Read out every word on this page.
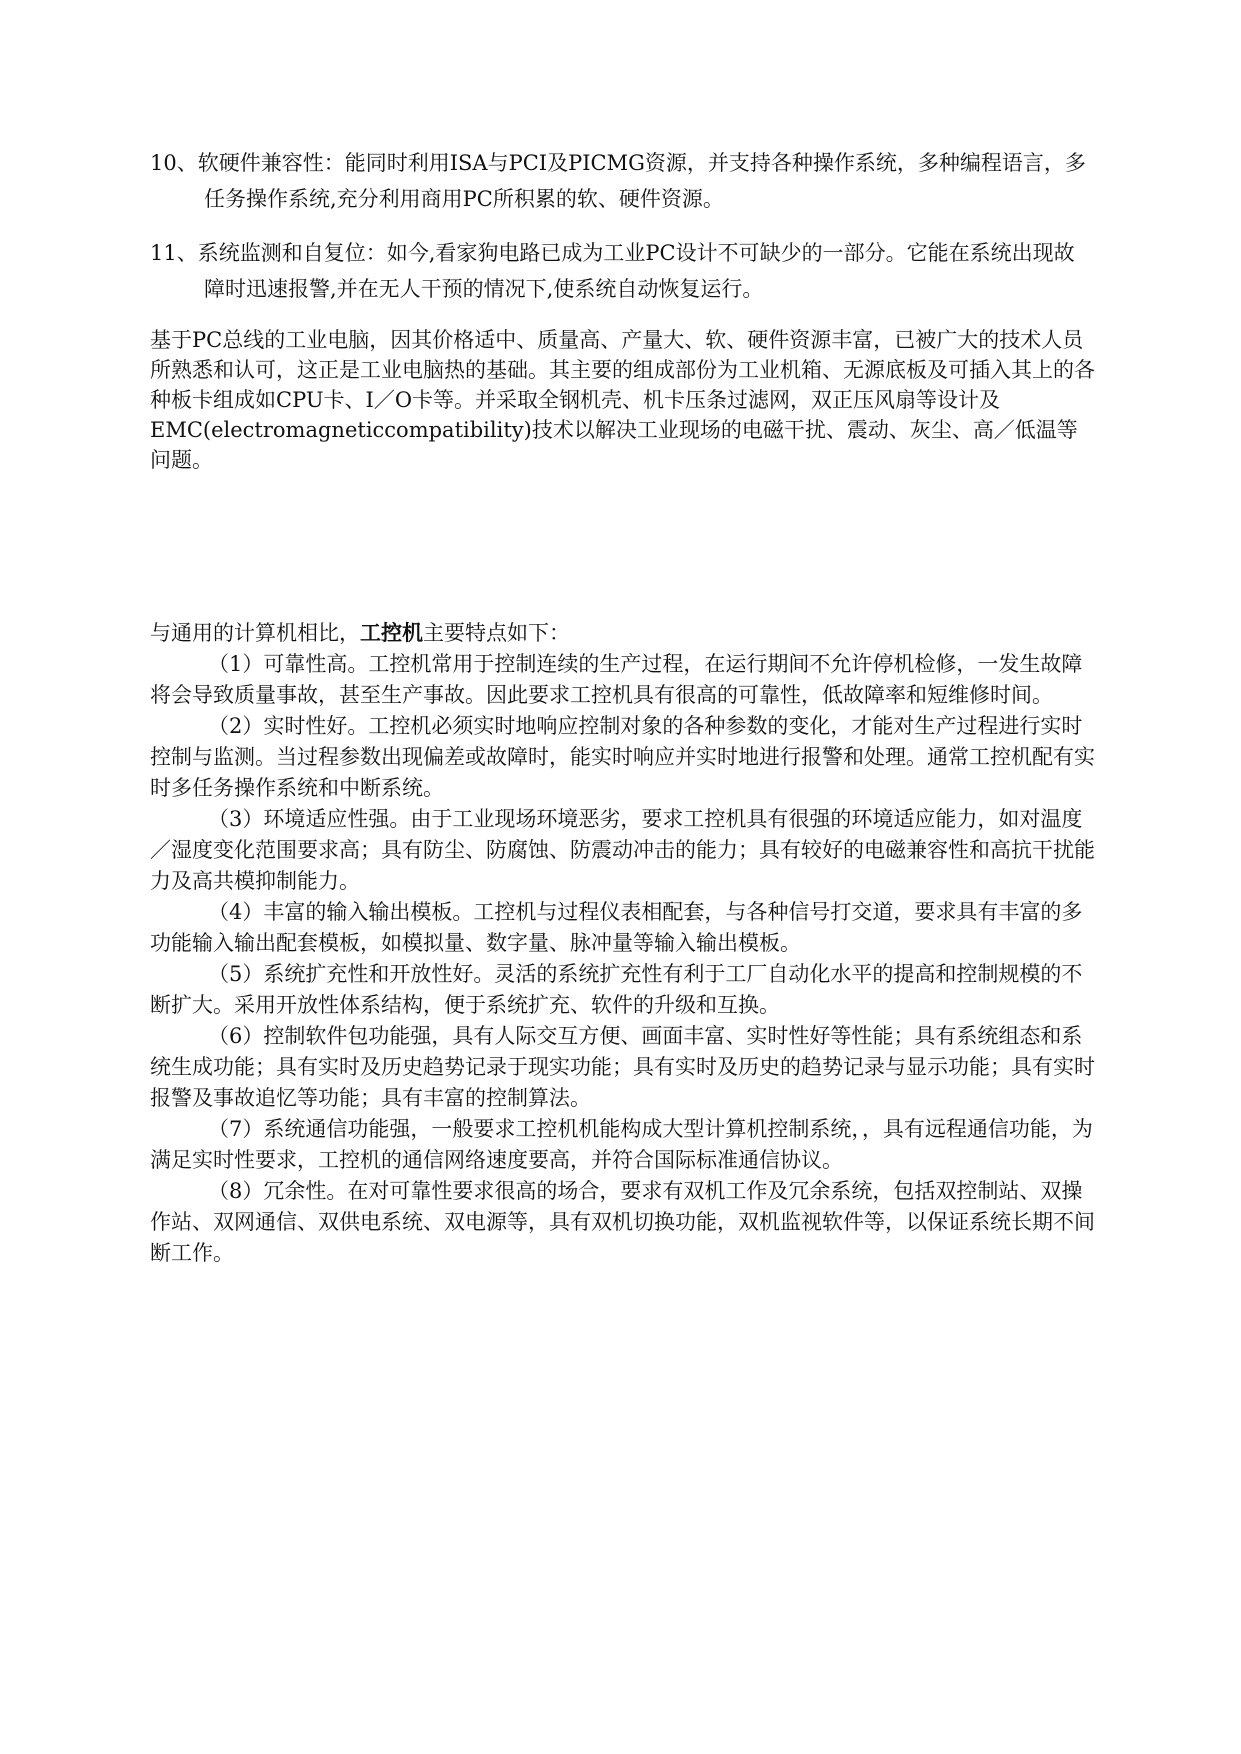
10、软硬件兼容性：能同时利用ISA与PCI及PICMG资源，并支持各种操作系统，多种编程语言，多任务操作系统,充分利用商用PC所积累的软、硬件资源。

11、系统监测和自复位：如今,看家狗电路已成为工业PC设计不可缺少的一部分。它能在系统出现故障时迅速报警,并在无人干预的情况下,使系统自动恢复运行。

基于PC总线的工业电脑，因其价格适中、质量高、产量大、软、硬件资源丰富，已被广大的技术人员所熟悉和认可，这正是工业电脑热的基础。其主要的组成部份为工业机箱、无源底板及可插入其上的各种板卡组成如CPU卡、I／O卡等。并采取全钢机壳、机卡压条过滤网，双正压风扇等设计及EMC(electromagneticcompatibility)技术以解决工业现场的电磁干扰、震动、灰尘、高／低温等问题。

与通用的计算机相比，工控机主要特点如下：

（1）可靠性高。工控机常用于控制连续的生产过程，在运行期间不允许停机检修，一发生故障将会导致质量事故，甚至生产事故。因此要求工控机具有很高的可靠性，低故障率和短维修时间。

（2）实时性好。工控机必须实时地响应控制对象的各种参数的变化，才能对生产过程进行实时控制与监测。当过程参数出现偏差或故障时，能实时响应并实时地进行报警和处理。通常工控机配有实时多任务操作系统和中断系统。

（3）环境适应性强。由于工业现场环境恶劣，要求工控机具有很强的环境适应能力，如对温度／湿度变化范围要求高；具有防尘、防腐蚀、防震动冲击的能力；具有较好的电磁兼容性和高抗干扰能力及高共模抑制能力。

（4）丰富的输入输出模板。工控机与过程仪表相配套，与各种信号打交道，要求具有丰富的多功能输入输出配套模板，如模拟量、数字量、脉冲量等输入输出模板。

（5）系统扩充性和开放性好。灵活的系统扩充性有利于工厂自动化水平的提高和控制规模的不断扩大。采用开放性体系结构，便于系统扩充、软件的升级和互换。

（6）控制软件包功能强，具有人际交互方便、画面丰富、实时性好等性能；具有系统组态和系统生成功能；具有实时及历史趋势记录于现实功能；具有实时及历史的趋势记录与显示功能；具有实时报警及事故追忆等功能；具有丰富的控制算法。

（7）系统通信功能强，一般要求工控机机能构成大型计算机控制系统，，具有远程通信功能，为满足实时性要求，工控机的通信网络速度要高，并符合国际标准通信协议。

（8）冗余性。在对可靠性要求很高的场合，要求有双机工作及冗余系统，包括双控制站、双操作站、双网通信、双供电系统、双电源等，具有双机切换功能，双机监视软件等，以保证系统长期不间断工作。
